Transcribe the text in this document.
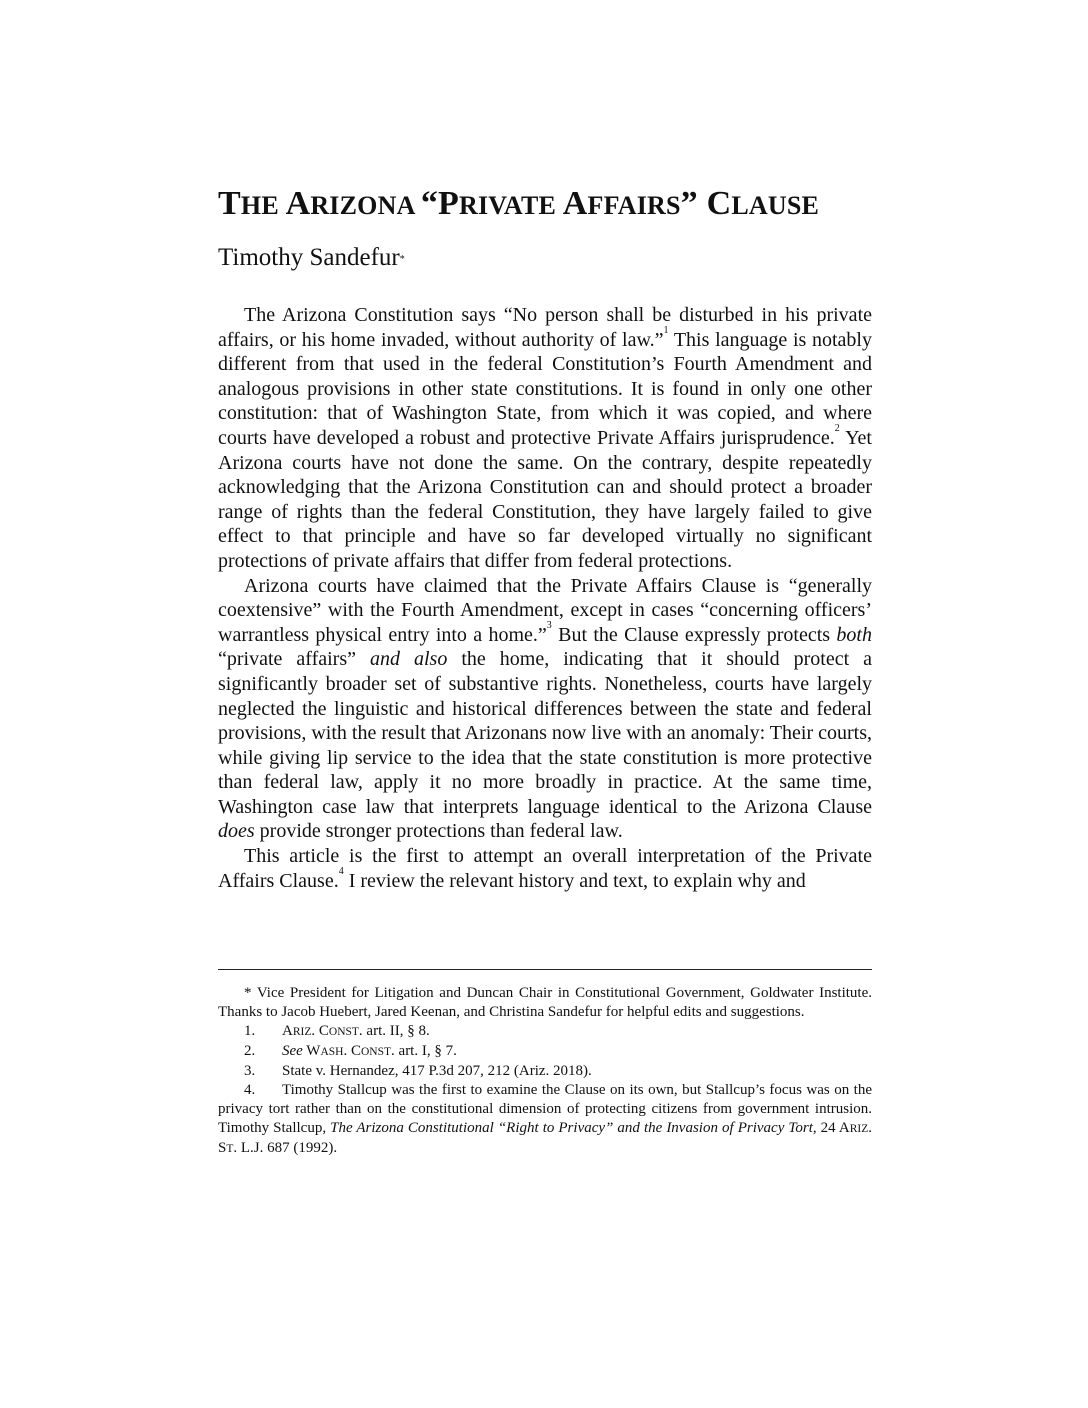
THE ARIZONA “PRIVATE AFFAIRS” CLAUSE
Timothy Sandefur*

The Arizona Constitution says “No person shall be disturbed in his private affairs, or his home invaded, without authority of law.”$^1$ This language is notably different from that used in the federal Constitution’s Fourth Amendment and analogous provisions in other state constitutions. It is found in only one other constitution: that of Washington State, from which it was copied, and where courts have developed a robust and protective Private Affairs jurisprudence.$^2$ Yet Arizona courts have not done the same. On the contrary, despite repeatedly acknowledging that the Arizona Constitution can and should protect a broader range of rights than the federal Constitution, they have largely failed to give effect to that principle and have so far developed virtually no significant protections of private affairs that differ from federal protections.

Arizona courts have claimed that the Private Affairs Clause is “generally coextensive” with the Fourth Amendment, except in cases “concerning officers’ warrantless physical entry into a home.”$^3$ But the Clause expressly protects both “private affairs” and also the home, indicating that it should protect a significantly broader set of substantive rights. Nonetheless, courts have largely neglected the linguistic and historical differences between the state and federal provisions, with the result that Arizonans now live with an anomaly: Their courts, while giving lip service to the idea that the state constitution is more protective than federal law, apply it no more broadly in practice. At the same time, Washington case law that interprets language identical to the Arizona Clause does provide stronger protections than federal law.

This article is the first to attempt an overall interpretation of the Private Affairs Clause.$^4$ I review the relevant history and text, to explain why and

* Vice President for Litigation and Duncan Chair in Constitutional Government, Goldwater Institute. Thanks to Jacob Huebert, Jared Keenan, and Christina Sandefur for helpful edits and suggestions.

1. ARIZ. CONST. art. II, § 8.

2. See WASH. CONST. art. I, § 7.

3. State v. Hernandez, 417 P.3d 207, 212 (Ariz. 2018).

4. Timothy Stallcup was the first to examine the Clause on its own, but Stallcup’s focus was on the privacy tort rather than on the constitutional dimension of protecting citizens from government intrusion. Timothy Stallcup, The Arizona Constitutional “Right to Privacy” and the Invasion of Privacy Tort, 24 ARIZ. ST. L.J. 687 (1992).
